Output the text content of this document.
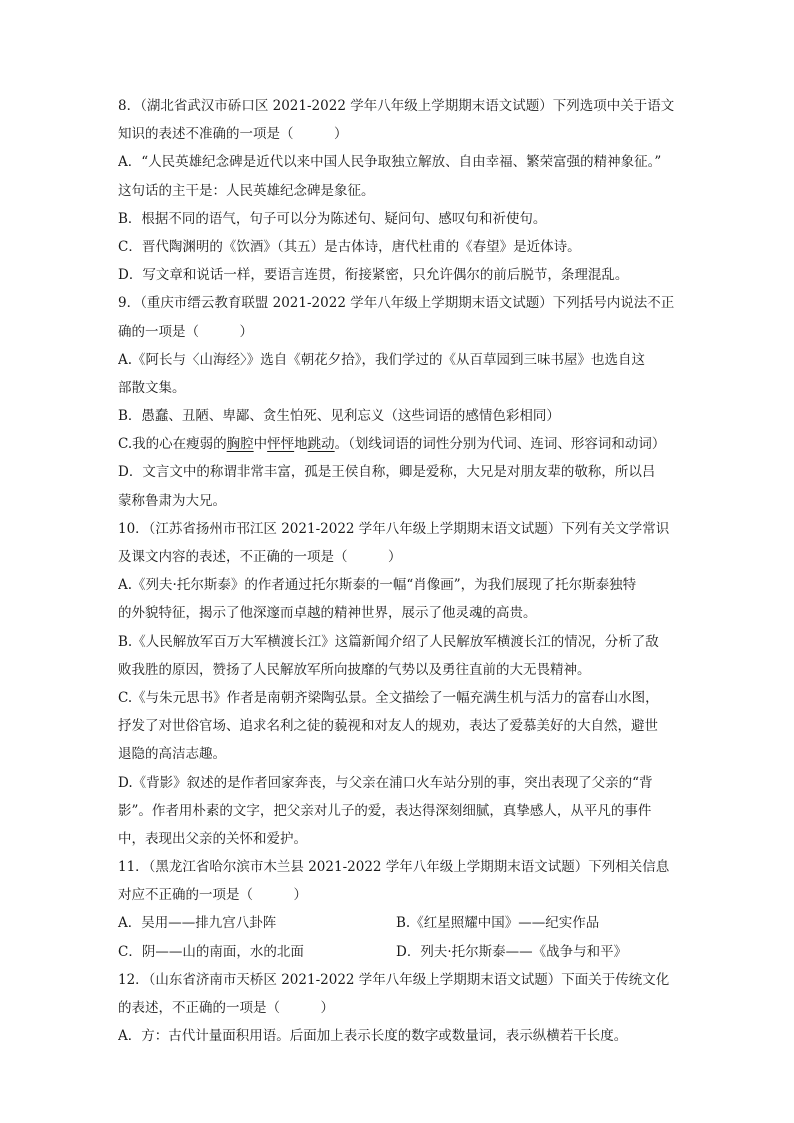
8．（湖北省武汉市硚口区 2021-2022 学年八年级上学期期末语文试题）下列选项中关于语文
知识的表述不准确的一项是（　　　）
A．“人民英雄纪念碑是近代以来中国人民争取独立解放、自由幸福、繁荣富强的精神象征。”
这句话的主干是：人民英雄纪念碑是象征。
B．根据不同的语气，句子可以分为陈述句、疑问句、感叹句和祈使句。
C．晋代陶渊明的《饮酒》（其五）是古体诗，唐代杜甫的《春望》是近体诗。
D．写文章和说话一样，要语言连贯，衔接紧密，只允许偶尔的前后脱节，条理混乱。
9．（重庆市缙云教育联盟 2021-2022 学年八年级上学期期末语文试题）下列括号内说法不正
确的一项是（　　　）
A.《阿长与〈山海经〉》选自《朝花夕拾》，我们学过的《从百草园到三味书屋》也选自这
部散文集。
B．愚蠢、丑陋、卑鄙、贪生怕死、见利忘义（这些词语的感情色彩相同）
C.我的心在瘦弱的胸腔中怦怦地跳动。（划线词语的词性分别为代词、连词、形容词和动词）
D．文言文中的称谓非常丰富，孤是王侯自称，卿是爱称，大兄是对朋友辈的敬称，所以吕
蒙称鲁肃为大兄。
10．（江苏省扬州市邗江区 2021-2022 学年八年级上学期期末语文试题）下列有关文学常识
及课文内容的表述，不正确的一项是（　　　）
A.《列夫·托尔斯泰》的作者通过托尔斯泰的一幅“肖像画”，为我们展现了托尔斯泰独特
的外貌特征，揭示了他深邃而卓越的精神世界，展示了他灵魂的高贵。
B.《人民解放军百万大军横渡长江》这篇新闻介绍了人民解放军横渡长江的情况，分析了敌
败我胜的原因，赞扬了人民解放军所向披靡的气势以及勇往直前的大无畏精神。
C.《与朱元思书》作者是南朝齐梁陶弘景。全文描绘了一幅充满生机与活力的富春山水图，
抒发了对世俗官场、追求名利之徒的藐视和对友人的规劝，表达了爱慕美好的大自然，避世
退隐的高洁志趣。
D.《背影》叙述的是作者回家奔丧，与父亲在浦口火车站分别的事，突出表现了父亲的“背
影”。作者用朴素的文字，把父亲对儿子的爱，表达得深刻细腻，真挚感人，从平凡的事件
中，表现出父亲的关怀和爱护。
11．（黑龙江省哈尔滨市木兰县 2021-2022 学年八年级上学期期末语文试题）下列相关信息
对应不正确的一项是（　　　）
A．吴用——排九宫八卦阵	B.《红星照耀中国》——纪实作品
C．阴——山的南面，水的北面	D．列夫·托尔斯泰——《战争与和平》
12．（山东省济南市天桥区 2021-2022 学年八年级上学期期末语文试题）下面关于传统文化
的表述，不正确的一项是（　　　）
A．方：古代计量面积用语。后面加上表示长度的数字或数量词，表示纵横若干长度。
